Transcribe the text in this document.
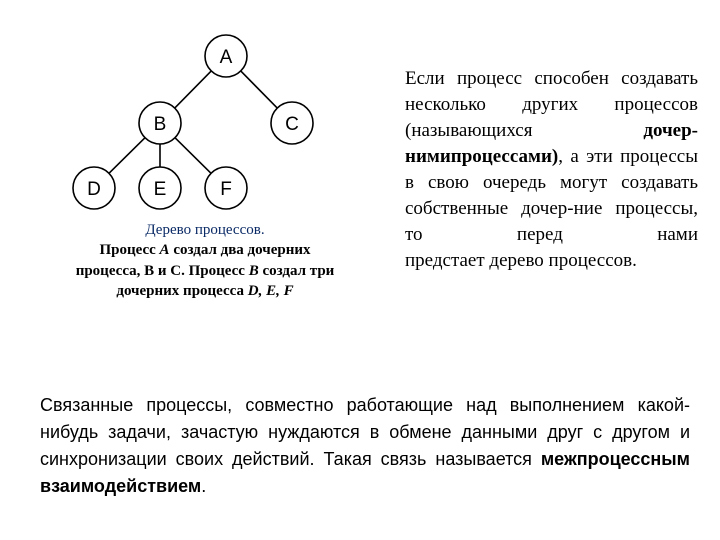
A
B	C
D	E	F
Дерево процессов.
Процесс A создал два дочерних
процесса, В и С. Процесс B создал три
дочерних процесса D, E, F
Если процесс способен создавать несколько других процессов (называющихся дочер-нимипроцессами), а эти процессы в свою очередь могут создавать собственные дочер-ние процессы, то перед нами
предстает дерево процессов.
Связанные процессы, совместно работающие над выполнением какой-нибудь задачи, зачастую нуждаются в обмене данными друг с другом и синхронизации своих действий. Такая связь называется межпроцессным взаимодействием.
